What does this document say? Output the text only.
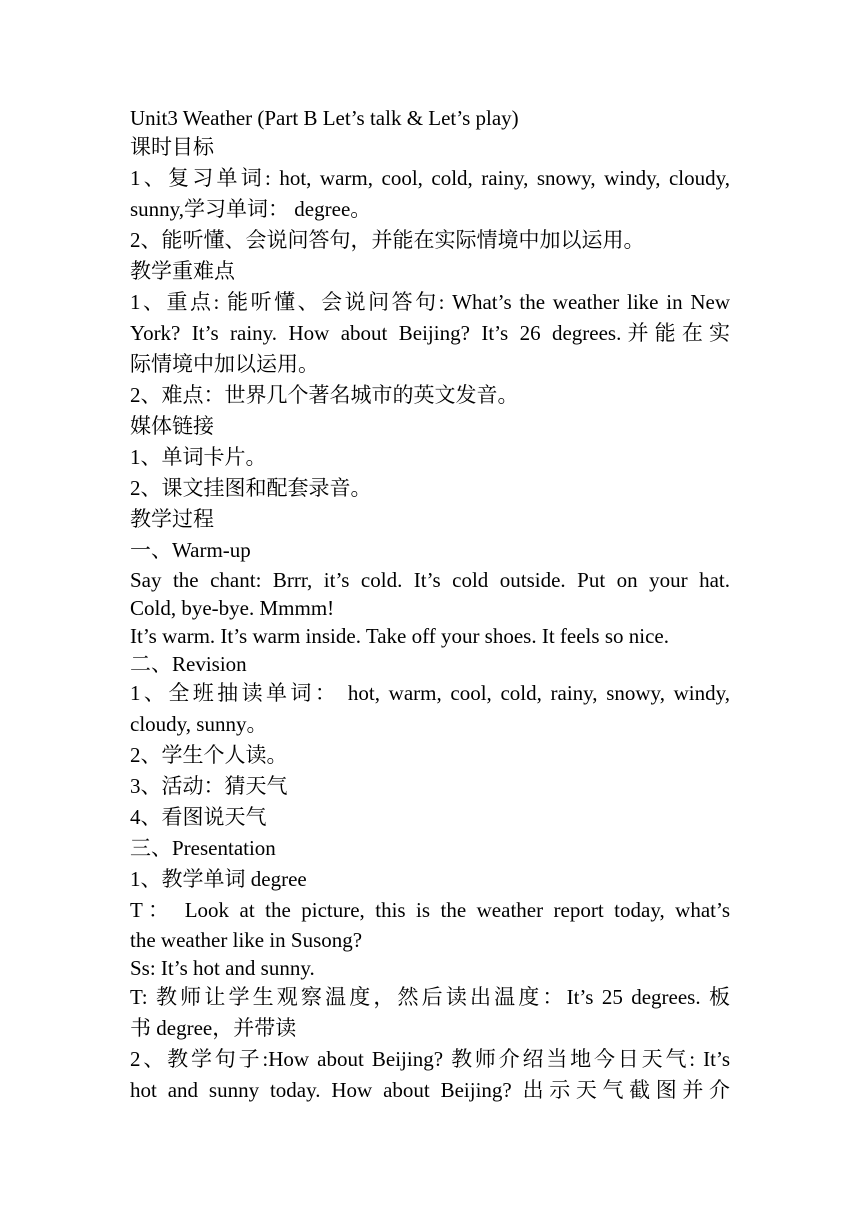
Unit3 Weather (Part B Let’s talk & Let’s play)
课时目标
1、复习单词: hot, warm, cool, cold, rainy, snowy, windy, cloudy,
sunny,学习单词： degree。
2、能听懂、会说问答句，并能在实际情境中加以运用。
教学重难点
1、重点: 能听懂、会说问答句: What’s the weather like in New
York? It’s rainy. How about Beijing? It’s 26 degrees.并能在实
际情境中加以运用。
2、难点：世界几个著名城市的英文发音。
媒体链接
1、单词卡片。
2、课文挂图和配套录音。
教学过程
一、Warm-up
Say the chant: Brrr, it’s cold. It’s cold outside. Put on your hat.
Cold, bye-bye. Mmmm!
It’s warm. It’s warm inside. Take off your shoes. It feels so nice.
二、Revision
1、全班抽读单词： hot, warm, cool, cold, rainy, snowy, windy,
cloudy, sunny。
2、学生个人读。
3、活动：猜天气
4、看图说天气
三、Presentation
1、教学单词 degree
T： Look at the picture, this is the weather report today, what’s
the weather like in Susong?
Ss: It’s hot and sunny.
T: 教师让学生观察温度，然后读出温度：It’s 25 degrees. 板
书 degree，并带读
2、教学句子:How about Beijing? 教师介绍当地今日天气: It’s
hot and sunny today. How about Beijing? 出示天气截图并介
